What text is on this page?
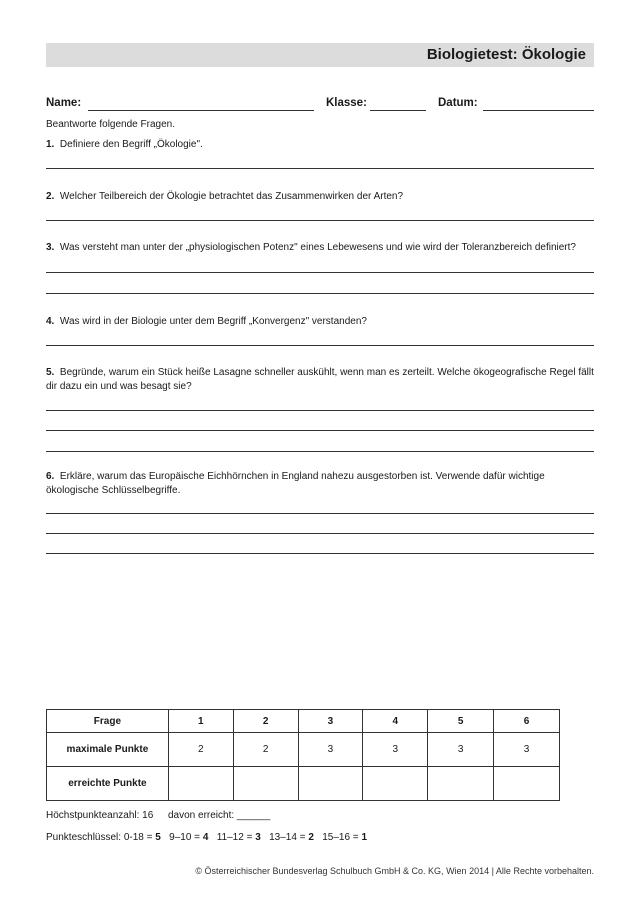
Biologietest: Ökologie
Name:	Klasse:	Datum:
Beantworte folgende Fragen.
1. Definiere den Begriff „Ökologie".
2. Welcher Teilbereich der Ökologie betrachtet das Zusammenwirken der Arten?
3. Was versteht man unter der „physiologischen Potenz" eines Lebewesens und wie wird der Toleranzbereich definiert?
4. Was wird in der Biologie unter dem Begriff „Konvergenz" verstanden?
5. Begründe, warum ein Stück heiße Lasagne schneller auskühlt, wenn man es zerteilt. Welche ökogeografische Regel fällt dir dazu ein und was besagt sie?
6. Erkläre, warum das Europäische Eichhörnchen in England nahezu ausgestorben ist. Verwende dafür wichtige ökologische Schlüsselbegriffe.
Frage	1	2	3	4	5	6
maximale Punkte	2	2	3	3	3	3
erreichte Punkte						
Höchstpunkteanzahl: 16 davon erreicht: ______
Punkteschlüssel: 0-18 = 5 9–10 = 4 11–12 = 3 13–14 = 2 15–16 = 1
© Österreichischer Bundesverlag Schulbuch GmbH & Co. KG, Wien 2014 | Alle Rechte vorbehalten.
